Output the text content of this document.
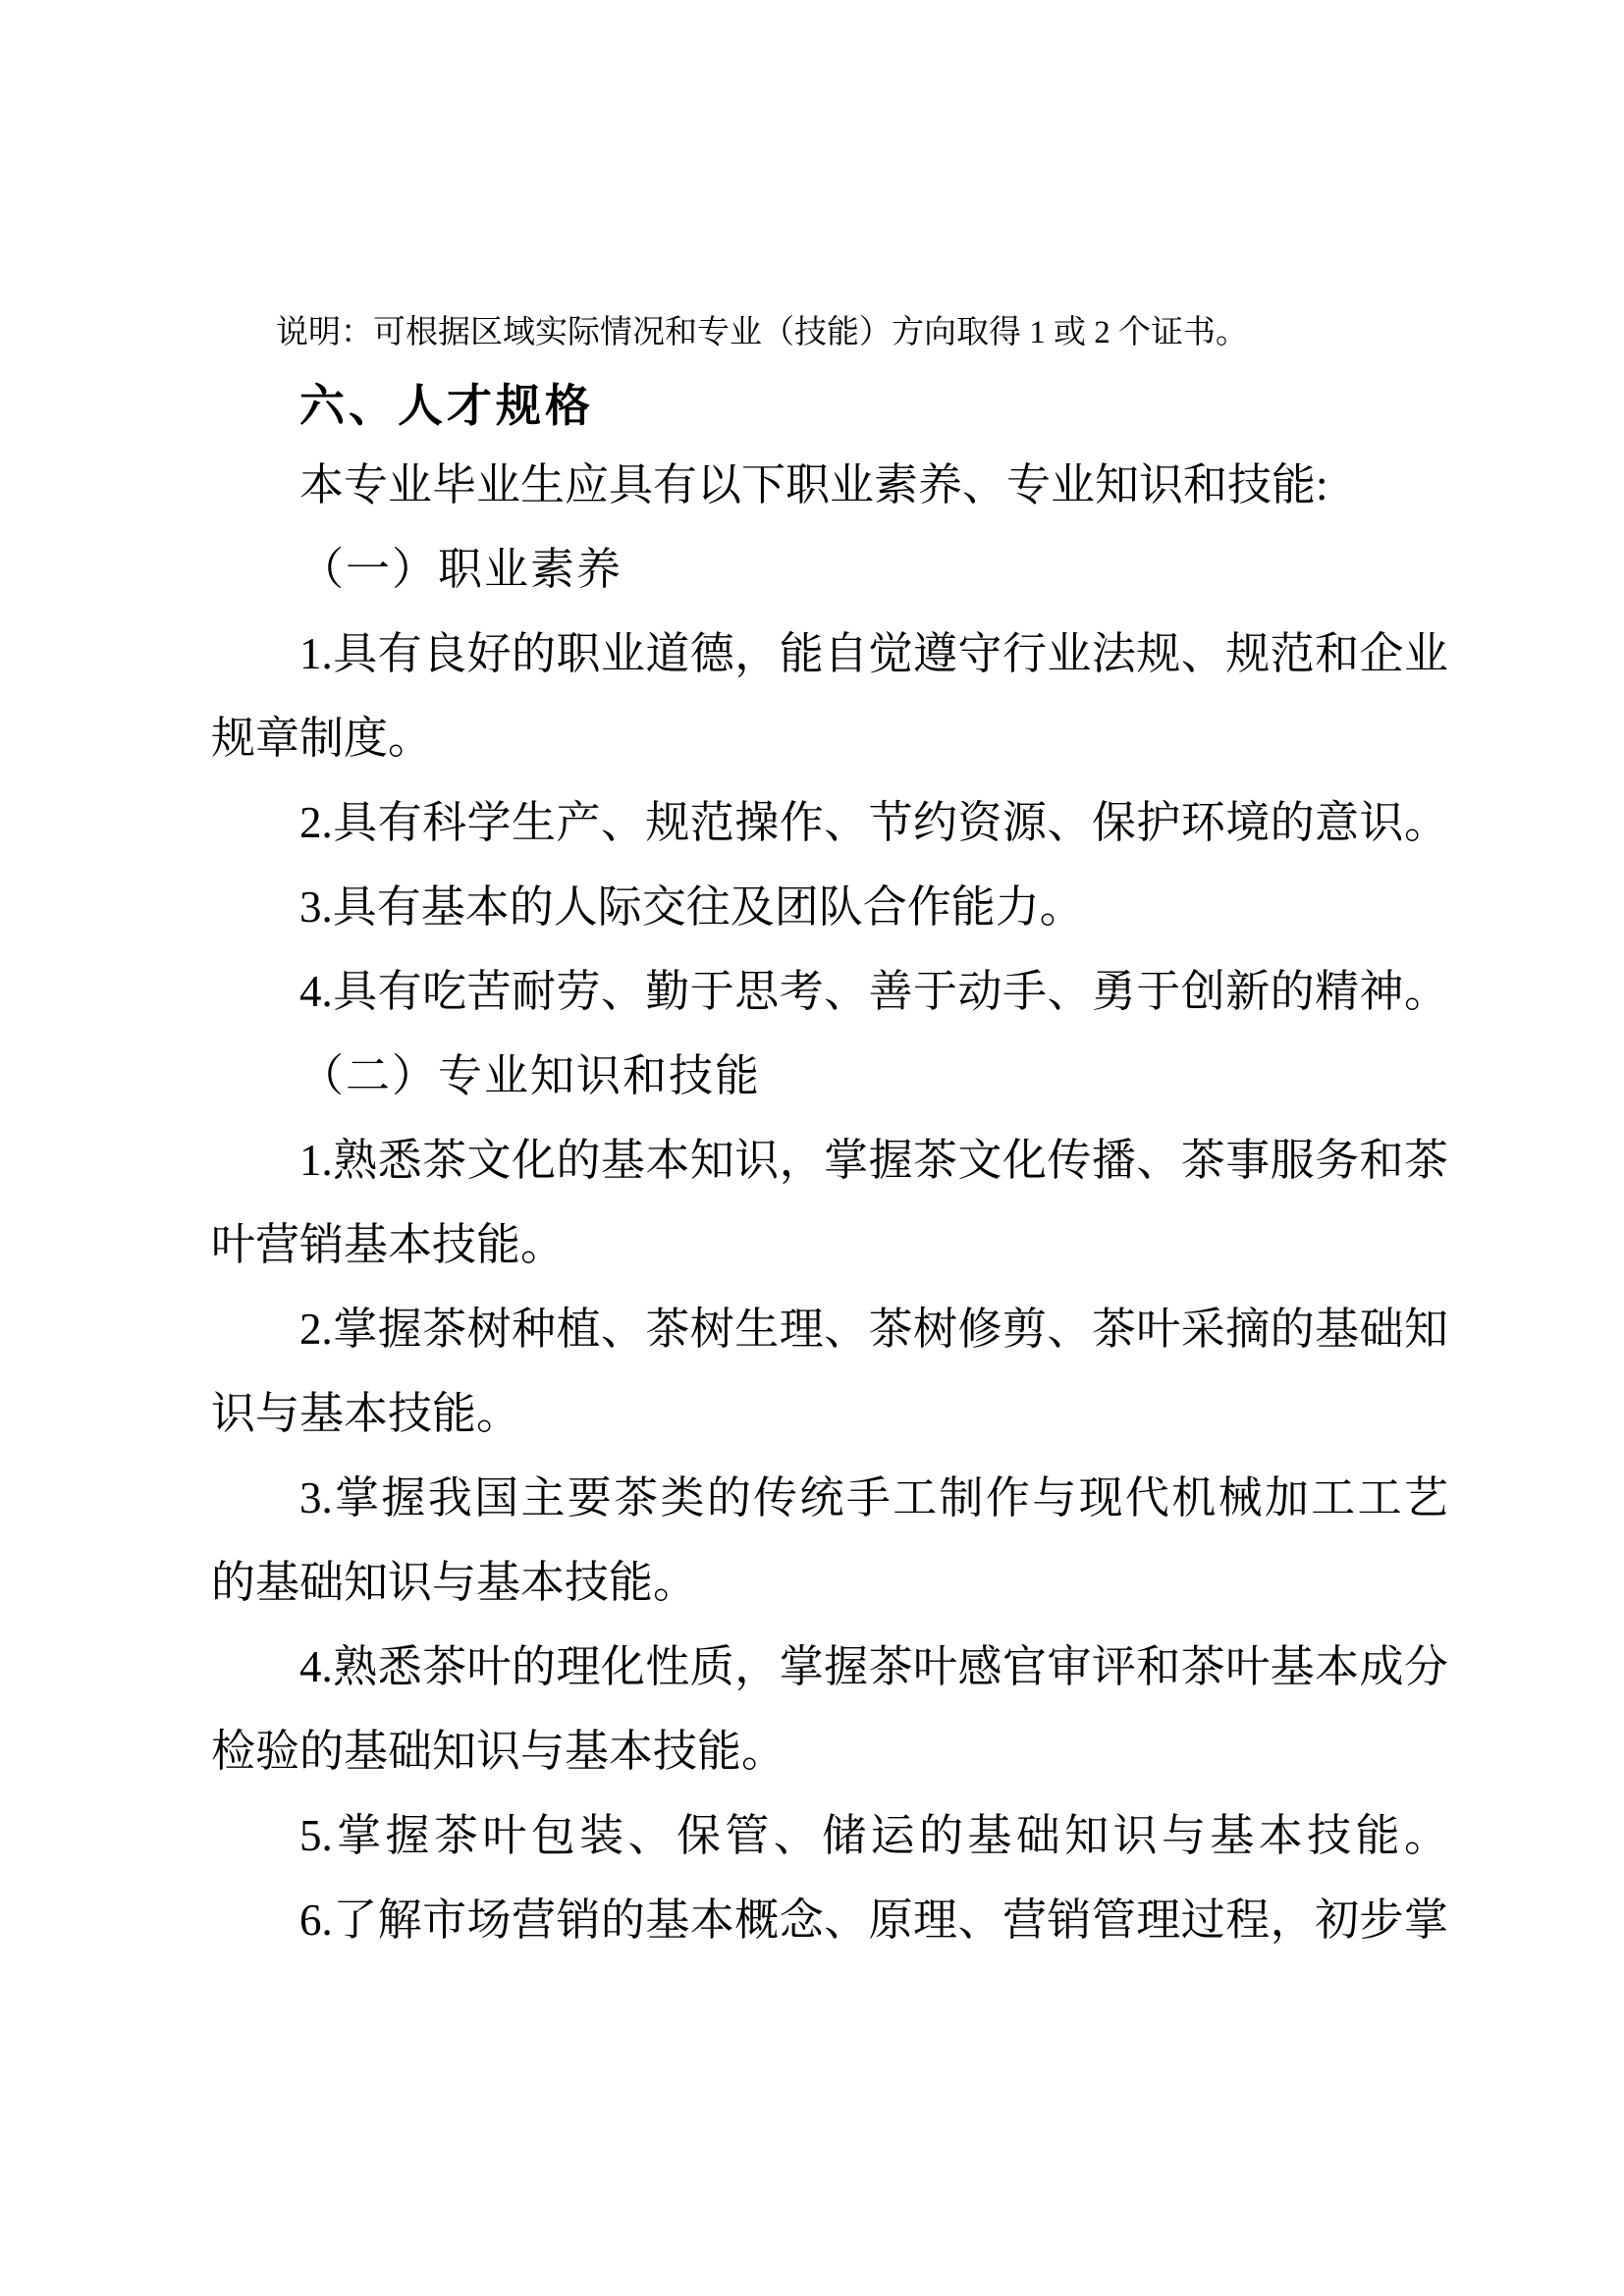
说明：可根据区域实际情况和专业（技能）方向取得 1 或 2 个证书。
六、人才规格
本专业毕业生应具有以下职业素养、专业知识和技能:
（一）职业素养
1.具有良好的职业道德，能自觉遵守行业法规、规范和企业
规章制度。
2.具有科学生产、规范操作、节约资源、保护环境的意识。
3.具有基本的人际交往及团队合作能力。
4.具有吃苦耐劳、勤于思考、善于动手、勇于创新的精神。
（二）专业知识和技能
1.熟悉茶文化的基本知识，掌握茶文化传播、茶事服务和茶
叶营销基本技能。
2.掌握茶树种植、茶树生理、茶树修剪、茶叶采摘的基础知
识与基本技能。
3.掌握我国主要茶类的传统手工制作与现代机械加工工艺
的基础知识与基本技能。
4.熟悉茶叶的理化性质，掌握茶叶感官审评和茶叶基本成分
检验的基础知识与基本技能。
5.掌握茶叶包装、保管、储运的基础知识与基本技能。
6.了解市场营销的基本概念、原理、营销管理过程，初步掌
